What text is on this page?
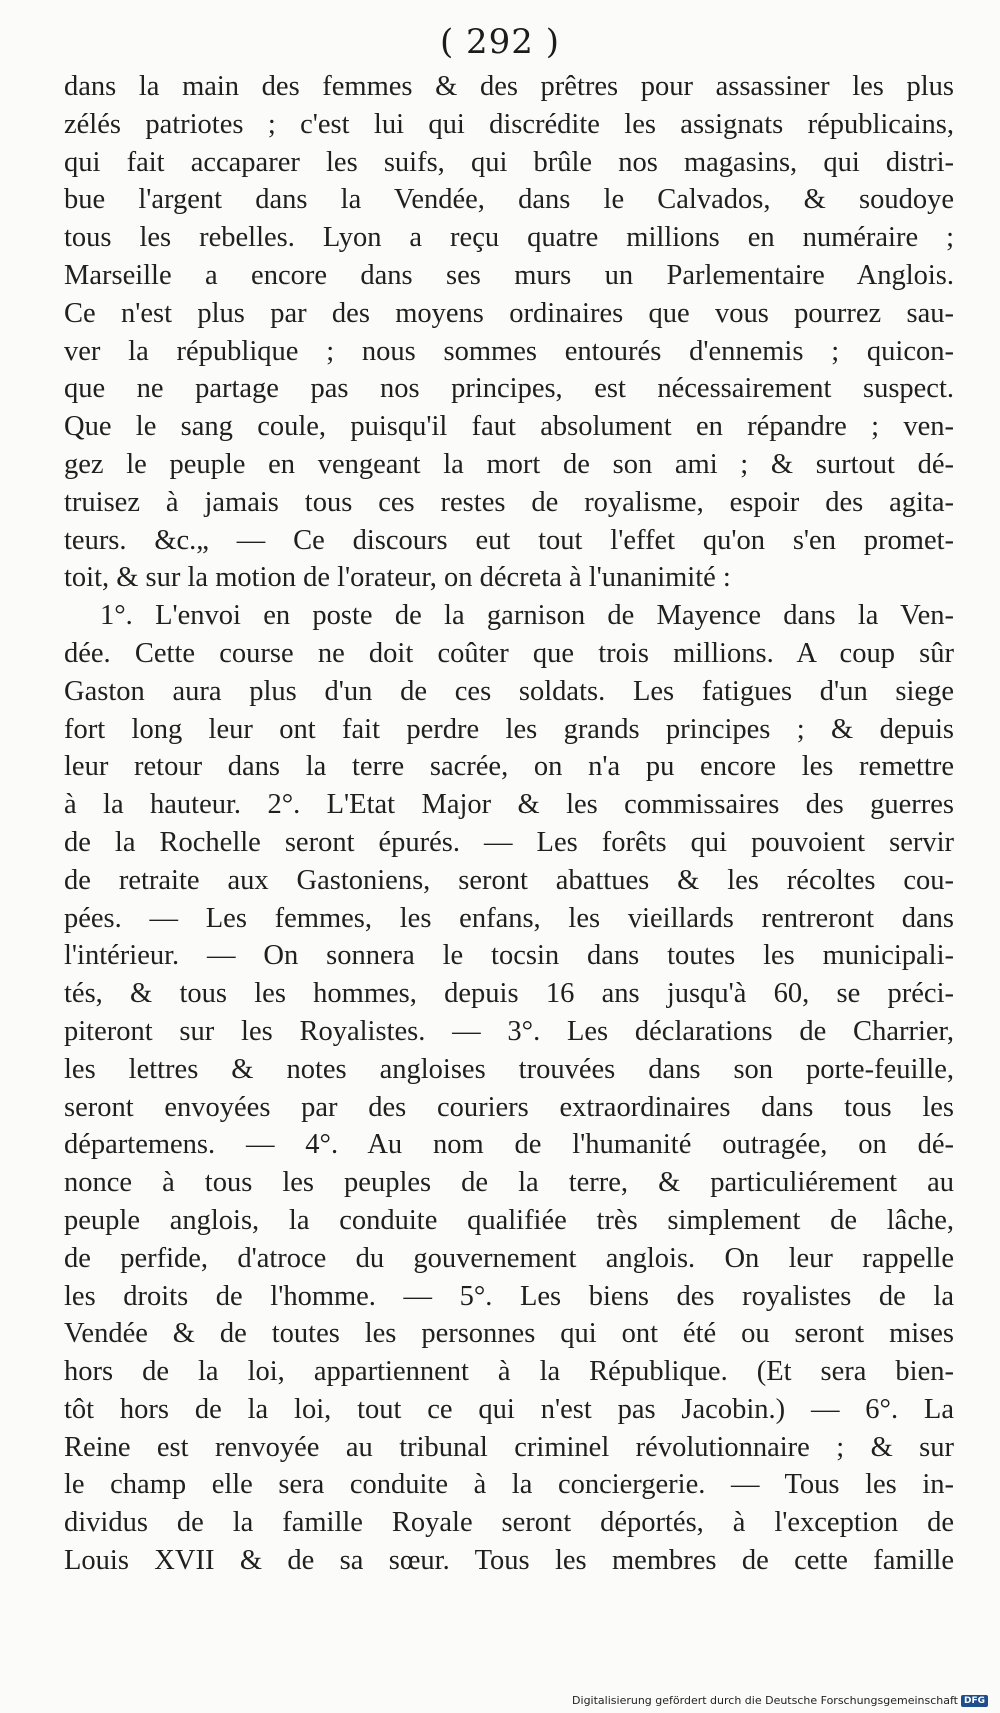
( 292 )
dans la main des femmes & des prêtres pour assassiner les plus
zélés patriotes ; c'est lui qui discrédite les assignats républicains,
qui fait accaparer les suifs, qui brûle nos magasins, qui distri-
bue l'argent dans la Vendée, dans le Calvados, & soudoye
tous les rebelles. Lyon a reçu quatre millions en numéraire ;
Marseille a encore dans ses murs un Parlementaire Anglois.
Ce n'est plus par des moyens ordinaires que vous pourrez sau-
ver la république ; nous sommes entourés d'ennemis ; quicon-
que ne partage pas nos principes, est nécessairement suspect.
Que le sang coule, puisqu'il faut absolument en répandre ; ven-
gez le peuple en vengeant la mort de son ami ; & surtout dé-
truisez à jamais tous ces restes de royalisme, espoir des agita-
teurs. &c.„ — Ce discours eut tout l'effet qu'on s'en promet-
toit, & sur la motion de l'orateur, on décreta à l'unanimité :
1°. L'envoi en poste de la garnison de Mayence dans la Ven-
dée. Cette course ne doit coûter que trois millions. A coup sûr
Gaston aura plus d'un de ces soldats. Les fatigues d'un siege
fort long leur ont fait perdre les grands principes ; & depuis
leur retour dans la terre sacrée, on n'a pu encore les remettre
à la hauteur. 2°. L'Etat Major & les commissaires des guerres
de la Rochelle seront épurés. — Les forêts qui pouvoient servir
de retraite aux Gastoniens, seront abattues & les récoltes cou-
pées. — Les femmes, les enfans, les vieillards rentreront dans
l'intérieur. — On sonnera le tocsin dans toutes les municipali-
tés, & tous les hommes, depuis 16 ans jusqu'à 60, se préci-
piteront sur les Royalistes. — 3°. Les déclarations de Charrier,
les lettres & notes angloises trouvées dans son porte-feuille,
seront envoyées par des couriers extraordinaires dans tous les
départemens. — 4°. Au nom de l'humanité outragée, on dé-
nonce à tous les peuples de la terre, & particuliérement au
peuple anglois, la conduite qualifiée très simplement de lâche,
de perfide, d'atroce du gouvernement anglois. On leur rappelle
les droits de l'homme. — 5°. Les biens des royalistes de la
Vendée & de toutes les personnes qui ont été ou seront mises
hors de la loi, appartiennent à la République. (Et sera bien-
tôt hors de la loi, tout ce qui n'est pas Jacobin.) — 6°. La
Reine est renvoyée au tribunal criminel révolutionnaire ; & sur
le champ elle sera conduite à la conciergerie. — Tous les in-
dividus de la famille Royale seront déportés, à l'exception de
Louis XVII & de sa sœur. Tous les membres de cette famille
Digitalisierung gefördert durch die Deutsche Forschungsgemeinschaft DFG
